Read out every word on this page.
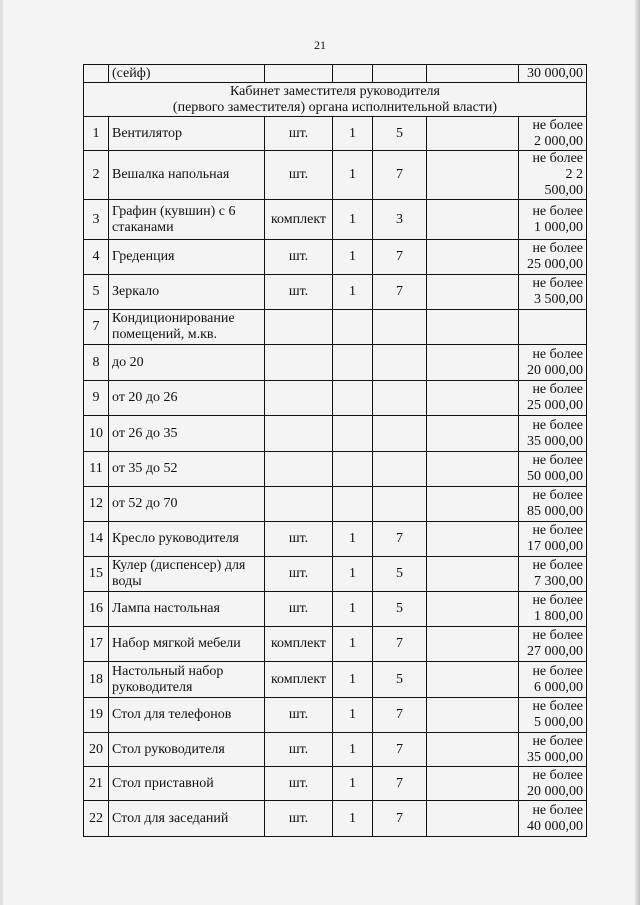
21
	(сейф)					30 000,00

Кабинет заместителя руководителя
(первого заместителя) органа исполнительной власти)						

1	Вентилятор	шт.	1	5		не более
2 000,00

2	Вешалка напольная	шт.	1	7		не более
2 2
500,00

3	Графин (кувшин) с 6 стаканами	комплект	1	3		не более
1 000,00

4	Греденция	шт.	1	7		не более
25 000,00

5	Зеркало	шт.	1	7		не более
3 500,00

7	Кондиционирование помещений, м.кв.					
8	до 20					не более
20 000,00

9	от 20 до 26					не более
25 000,00

10	от 26 до 35					не более
35 000,00

11	от 35 до 52					не более
50 000,00

12	от 52 до 70					не более
85 000,00

14	Кресло руководителя	шт.	1	7		не более
17 000,00

15	Кулер (диспенсер) для воды	шт.	1	5		не более
7 300,00

16	Лампа настольная	шт.	1	5		не более
1 800,00

17	Набор мягкой мебели	комплект	1	7		не более
27 000,00

18	Настольный набор руководителя	комплект	1	5		не более
6 000,00

19	Стол для телефонов	шт.	1	7		не более
5 000,00

20	Стол руководителя	шт.	1	7		не более
35 000,00

21	Стол приставной	шт.	1	7		не более
20 000,00

22	Стол для заседаний	шт.	1	7		не более
40 000,00
